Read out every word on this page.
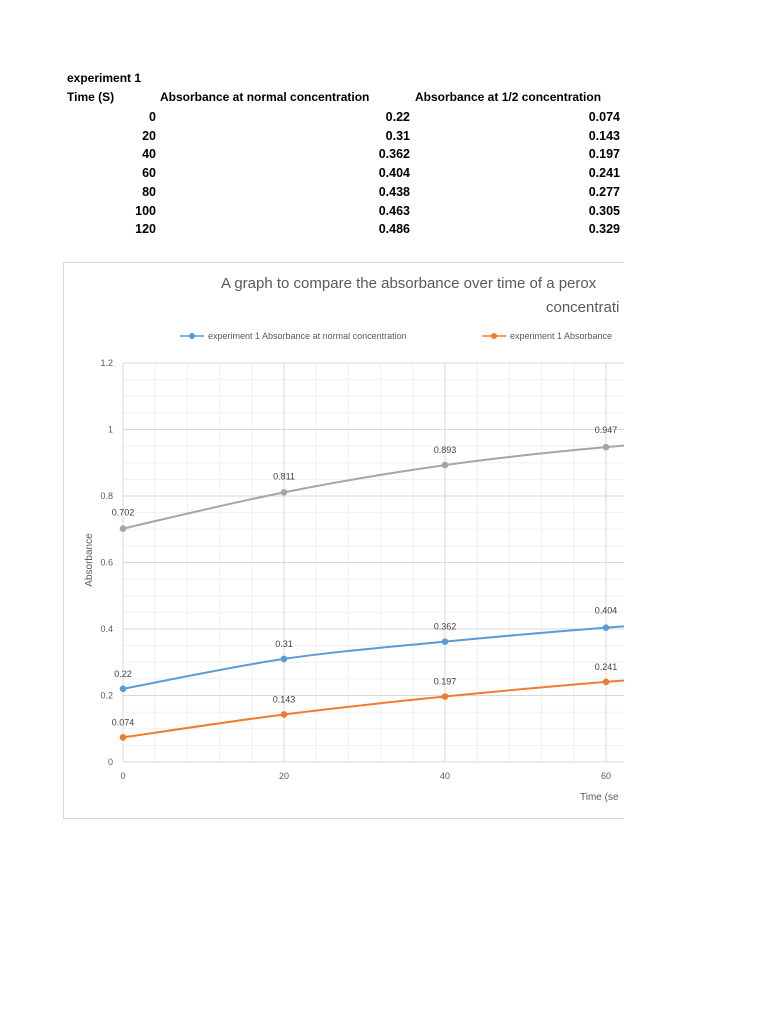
experiment 1
Time (S)	Absorbance at normal concentration	Absorbance at 1/2 concentration
0	0.22	0.074
20	0.31	0.143
40	0.362	0.197
60	0.404	0.241
80	0.438	0.277
100	0.463	0.305
120	0.486	0.329
A graph to compare the absorbance over time of a perox
concentrati
experiment 1 Absorbance at normal concentration	experiment 1 Absorbance
0
0.2
0.4
0.6
0.8
1
1.2
0	20	40	60
0.22
0.31
0.362
0.404
0.074
0.143
0.197
0.241
0.702
0.811
0.893
0.947
Absorbance
Time (se
